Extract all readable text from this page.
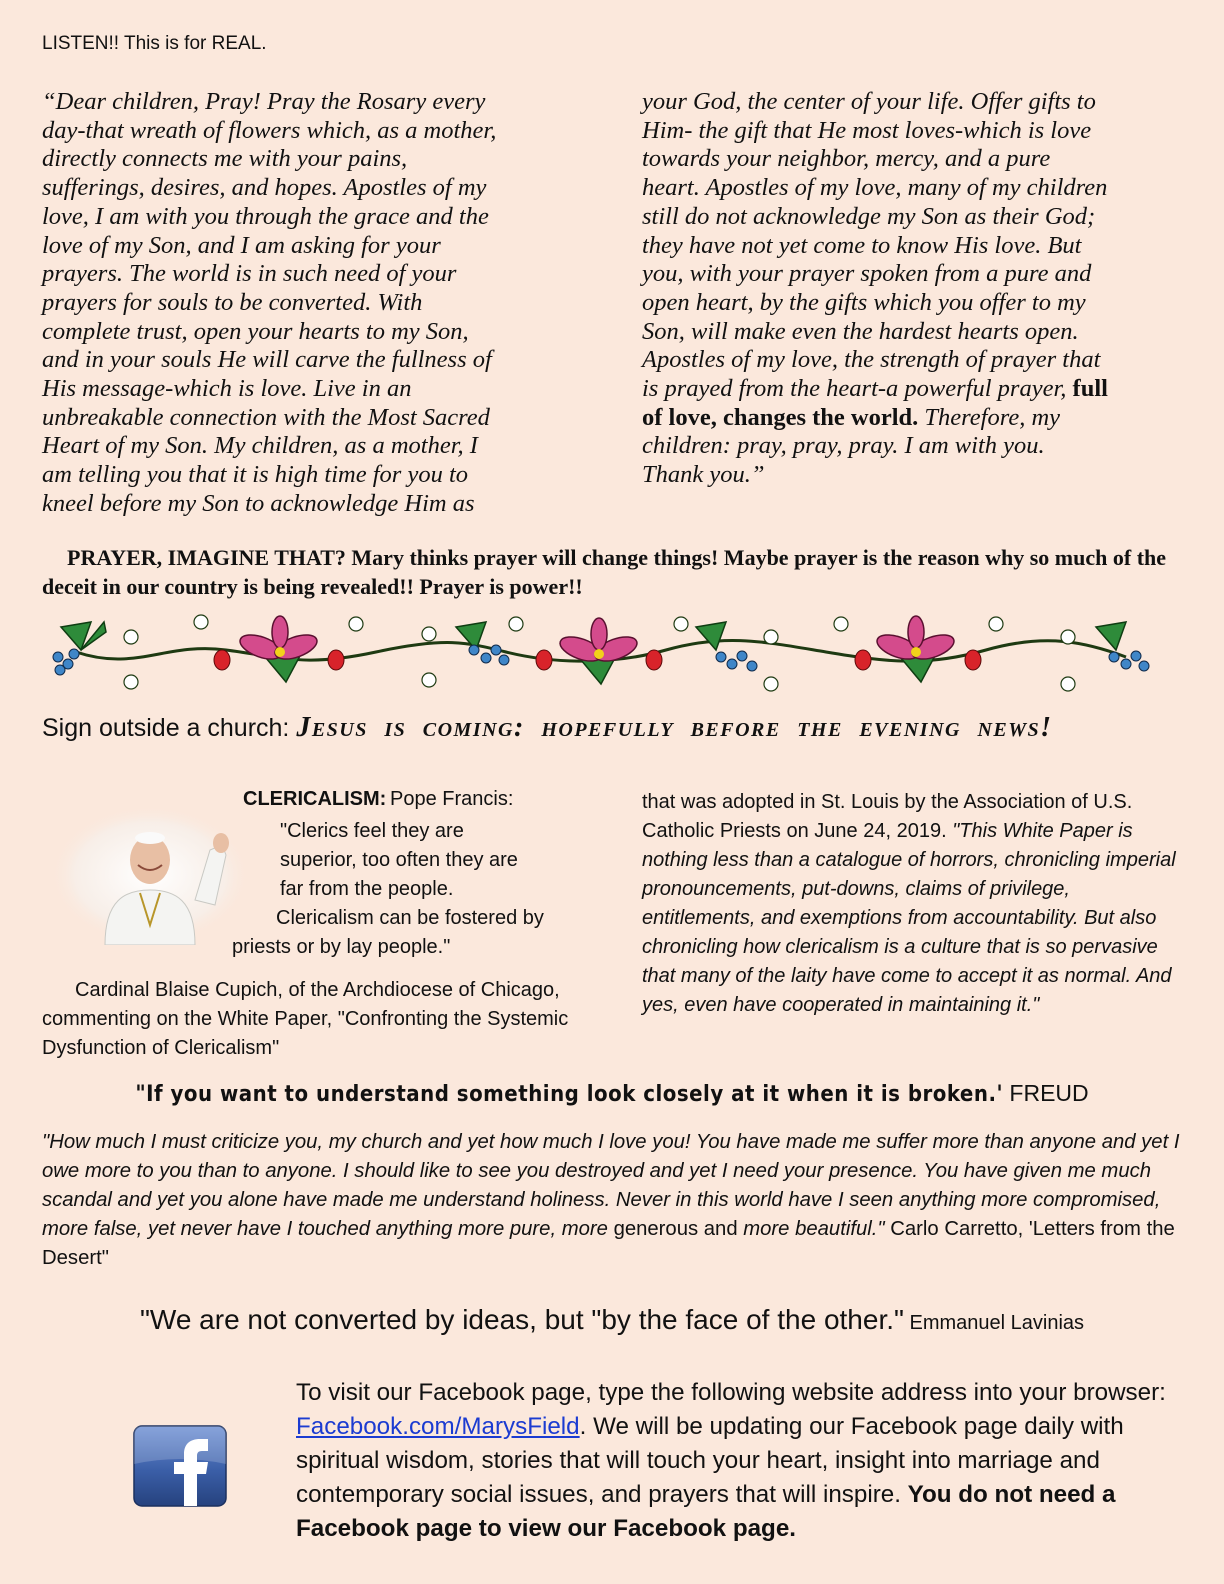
LISTEN!! This is for REAL.
“Dear children, Pray! Pray the Rosary every
day-that wreath of flowers which, as a mother,
directly connects me with your pains,
sufferings, desires, and hopes. Apostles of my
love, I am with you through the grace and the
love of my Son, and I am asking for your
prayers. The world is in such need of your
prayers for souls to be converted. With
complete trust, open your hearts to my Son,
and in your souls He will carve the fullness of
His message-which is love. Live in an
unbreakable connection with the Most Sacred
Heart of my Son. My children, as a mother, I
am telling you that it is high time for you to
kneel before my Son to acknowledge Him as
your God, the center of your life. Offer gifts to
Him- the gift that He most loves-which is love
towards your neighbor, mercy, and a pure
heart. Apostles of my love, many of my children
still do not acknowledge my Son as their God;
they have not yet come to know His love. But
you, with your prayer spoken from a pure and
open heart, by the gifts which you offer to my
Son, will make even the hardest hearts open.
Apostles of my love, the strength of prayer that
is prayed from the heart-a powerful prayer, full
of love, changes the world. Therefore, my
children: pray, pray, pray. I am with you.
Thank you.”
PRAYER, IMAGINE THAT? Mary thinks prayer will change things! Maybe prayer is the reason why so much of the deceit in our country is being revealed!! Prayer is power!!
Sign outside a church: Jesus is coming: hopefully before the evening news!
CLERICALISM: Pope Francis:
"Clerics feel they are
superior, too often they are
far from the people.
Clericalism can be fostered by
priests or by lay people."
Cardinal Blaise Cupich, of the Archdiocese of Chicago, commenting on the White Paper, "Confronting the Systemic Dysfunction of Clericalism"
that was adopted in St. Louis by the Association of U.S. Catholic Priests on June 24, 2019. "This White Paper is nothing less than a catalogue of horrors, chronicling imperial pronouncements, put-downs, claims of privilege, entitlements, and exemptions from accountability. But also chronicling how clericalism is a culture that is so pervasive that many of the laity have come to accept it as normal. And yes, even have cooperated in maintaining it."
"If you want to understand something look closely at it when it is broken.' FREUD
"How much I must criticize you, my church and yet how much I love you! You have made me suffer more than anyone and yet I owe more to you than to anyone. I should like to see you destroyed and yet I need your presence. You have given me much scandal and yet you alone have made me understand holiness. Never in this world have I seen anything more compromised, more false, yet never have I touched anything more pure, more generous and more beautiful." Carlo Carretto, 'Letters from the Desert"
"We are not converted by ideas, but "by the face of the other." Emmanuel Lavinias
To visit our Facebook page, type the following website address into your browser: Facebook.com/MarysField. We will be updating our Facebook page daily with spiritual wisdom, stories that will touch your heart, insight into marriage and contemporary social issues, and prayers that will inspire. You do not need a Facebook page to view our Facebook page.
